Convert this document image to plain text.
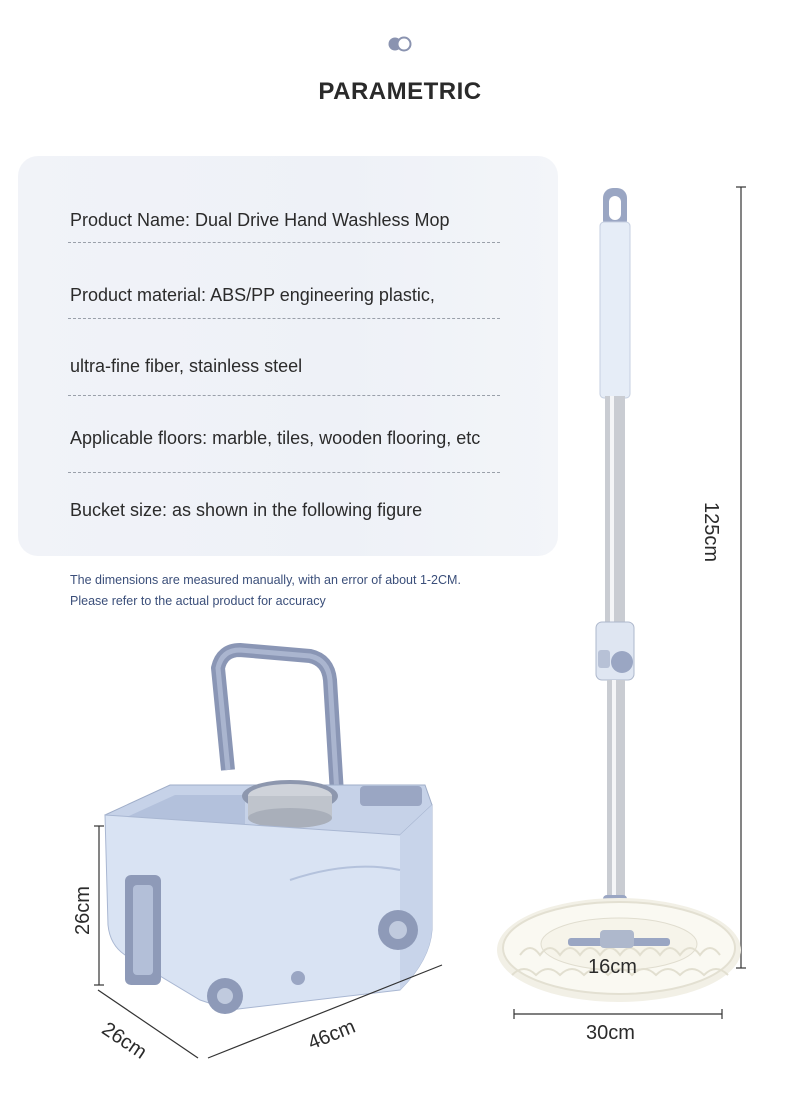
PARAMETRIC
Product Name: Dual Drive Hand Washless Mop
Product material: ABS/PP engineering plastic,
ultra-fine fiber, stainless steel
Applicable floors: marble, tiles, wooden flooring, etc
Bucket size: as shown in the following figure
The dimensions are measured manually, with an error of about 1-2CM.
Please refer to the actual product for accuracy
125cm
26cm
26cm	46cm
16cm
30cm
